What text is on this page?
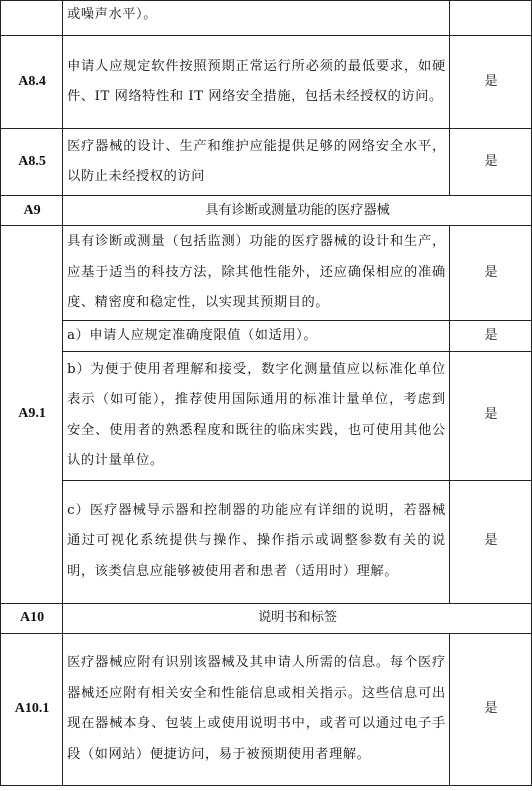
	或噪声水平）。	
A8.4	申请人应规定软件按照预期正常运行所必须的最低要求，如硬件、IT 网络特性和 IT 网络安全措施，包括未经授权的访问。	是
A8.5	医疗器械的设计、生产和维护应能提供足够的网络安全水平，以防止未经授权的访问	是
A9	具有诊断或测量功能的医疗器械	
A9.1	具有诊断或测量（包括监测）功能的医疗器械的设计和生产，应基于适当的科技方法，除其他性能外，还应确保相应的准确度、精密度和稳定性，以实现其预期目的。	是
	a）申请人应规定准确度限值（如适用）。	是
	b）为便于使用者理解和接受，数字化测量值应以标准化单位表示（如可能），推荐使用国际通用的标准计量单位，考虑到安全、使用者的熟悉程度和既往的临床实践，也可使用其他公认的计量单位。	是
	c）医疗器械导示器和控制器的功能应有详细的说明，若器械通过可视化系统提供与操作、操作指示或调整参数有关的说明，该类信息应能够被使用者和患者（适用时）理解。	是
A10	说明书和标签	
A10.1	医疗器械应附有识别该器械及其申请人所需的信息。每个医疗器械还应附有相关安全和性能信息或相关指示。这些信息可出现在器械本身、包装上或使用说明书中，或者可以通过电子手段（如网站）便捷访问，易于被预期使用者理解。	是
